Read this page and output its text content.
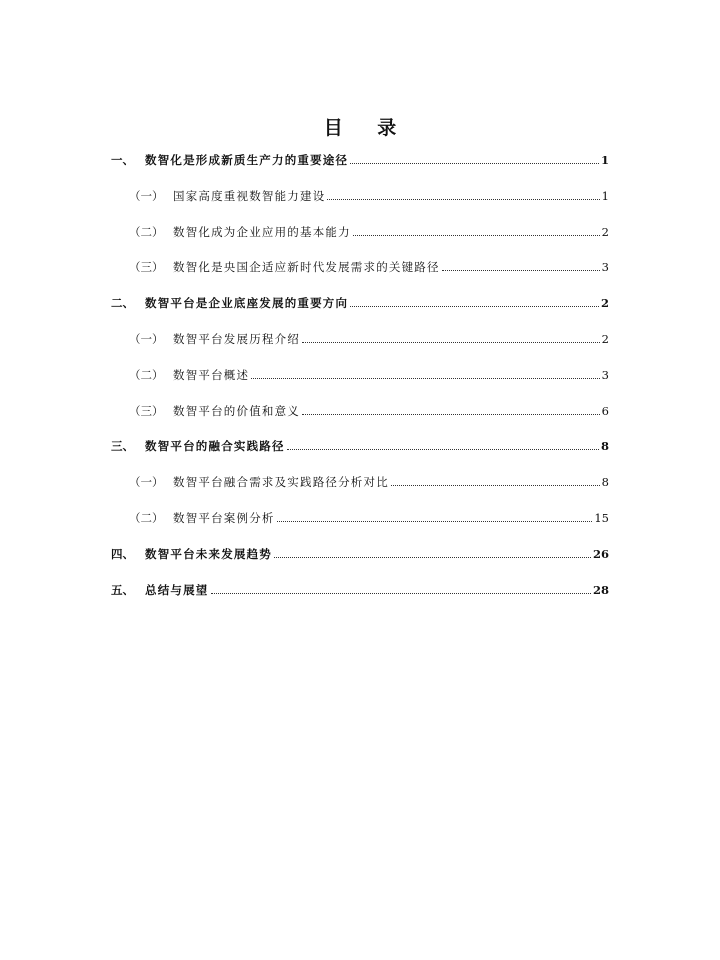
目 录
一、 数智化是形成新质生产力的重要途径	1
（一） 国家高度重视数智能力建设	1
（二） 数智化成为企业应用的基本能力	2
（三） 数智化是央国企适应新时代发展需求的关键路径	3
二、 数智平台是企业底座发展的重要方向	2
（一） 数智平台发展历程介绍	2
（二） 数智平台概述	3
（三） 数智平台的价值和意义	6
三、 数智平台的融合实践路径	8
（一） 数智平台融合需求及实践路径分析对比	8
（二） 数智平台案例分析	15
四、 数智平台未来发展趋势	26
五、 总结与展望	28
